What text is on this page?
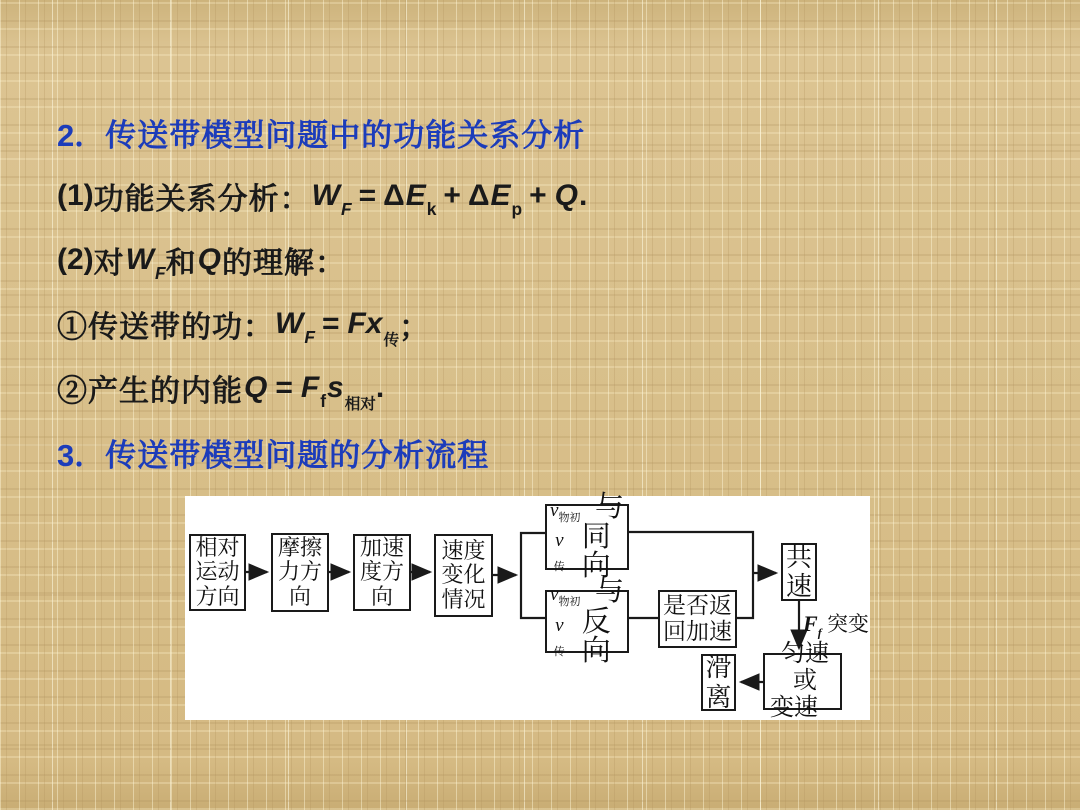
2． 传送带模型问题中的功能关系分析
(1) 功能关系分析： W F = Δ E k + Δ E p + Q .
(2) 对 W F 和 Q 的理解：
①传送带的功： W F = Fx
传 ；
②产生的内能 Q = F f s
相对
.
3． 传送带模型问题的分析流程
相对
运动
方向
摩擦
力方
向
加速
度方
向
速度
变化
情况
$v_{物初}$ 与
$v_传$
同向
$v_{物初}$ 与
$v_传$
反向
是否返
回加速
共
速
匀速或
变速
滑
离
$F_f$ 突变
